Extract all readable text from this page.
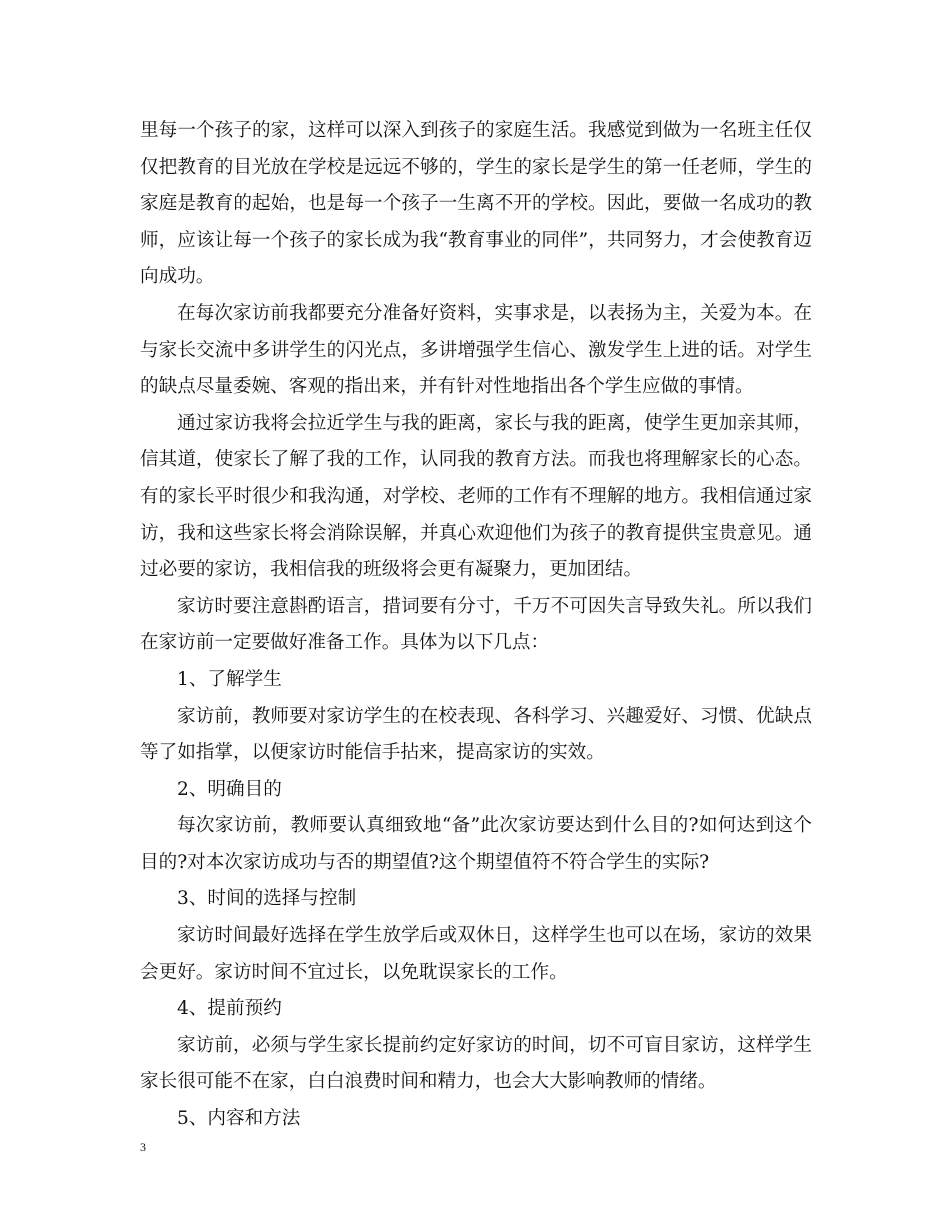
里每一个孩子的家，这样可以深入到孩子的家庭生活。我感觉到做为一名班主任仅仅把教育的目光放在学校是远远不够的，学生的家长是学生的第一任老师，学生的家庭是教育的起始，也是每一个孩子一生离不开的学校。因此，要做一名成功的教师，应该让每一个孩子的家长成为我“教育事业的同伴”，共同努力，才会使教育迈向成功。

在每次家访前我都要充分准备好资料，实事求是，以表扬为主，关爱为本。在与家长交流中多讲学生的闪光点，多讲增强学生信心、激发学生上进的话。对学生的缺点尽量委婉、客观的指出来，并有针对性地指出各个学生应做的事情。

通过家访我将会拉近学生与我的距离，家长与我的距离，使学生更加亲其师，信其道，使家长了解了我的工作，认同我的教育方法。而我也将理解家长的心态。有的家长平时很少和我沟通，对学校、老师的工作有不理解的地方。我相信通过家访，我和这些家长将会消除误解，并真心欢迎他们为孩子的教育提供宝贵意见。通过必要的家访，我相信我的班级将会更有凝聚力，更加团结。

家访时要注意斟酌语言，措词要有分寸，千万不可因失言导致失礼。所以我们在家访前一定要做好准备工作。具体为以下几点：

1、了解学生

家访前，教师要对家访学生的在校表现、各科学习、兴趣爱好、习惯、优缺点等了如指掌，以便家访时能信手拈来，提高家访的实效。

2、明确目的

每次家访前，教师要认真细致地“备”此次家访要达到什么目的?如何达到这个目的?对本次家访成功与否的期望值?这个期望值符不符合学生的实际?

3、时间的选择与控制

家访时间最好选择在学生放学后或双休日，这样学生也可以在场，家访的效果会更好。家访时间不宜过长，以免耽误家长的工作。

4、提前预约

家访前，必须与学生家长提前约定好家访的时间，切不可盲目家访，这样学生家长很可能不在家，白白浪费时间和精力，也会大大影响教师的情绪。

5、内容和方法

3
